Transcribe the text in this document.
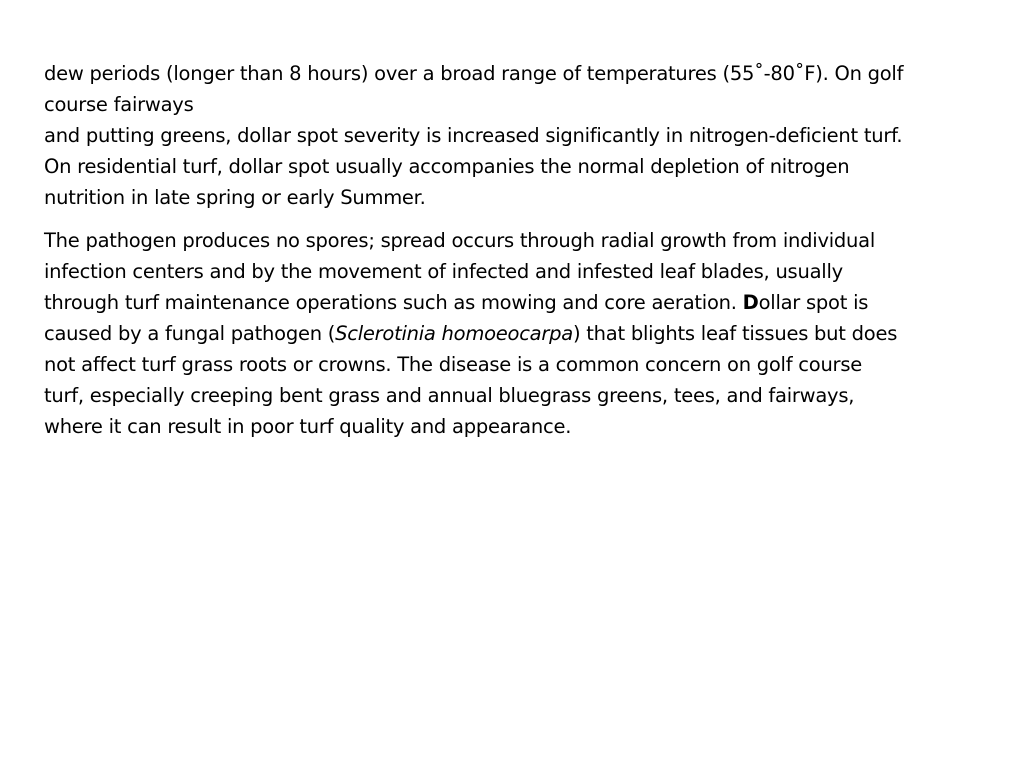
dew periods (longer than 8 hours) over a broad range of temperatures (55˚-80˚F). On golf
course fairways
and putting greens, dollar spot severity is increased significantly in nitrogen-deficient turf.
On residential turf, dollar spot usually accompanies the normal depletion of nitrogen
nutrition in late spring or early Summer.

The pathogen produces no spores; spread occurs through radial growth from individual
infection centers and by the movement of infected and infested leaf blades, usually
through turf maintenance operations such as mowing and core aeration. Dollar spot is
caused by a fungal pathogen (Sclerotinia homoeocarpa) that blights leaf tissues but does
not affect turf grass roots or crowns. The disease is a common concern on golf course
turf, especially creeping bent grass and annual bluegrass greens, tees, and fairways,
where it can result in poor turf quality and appearance.
